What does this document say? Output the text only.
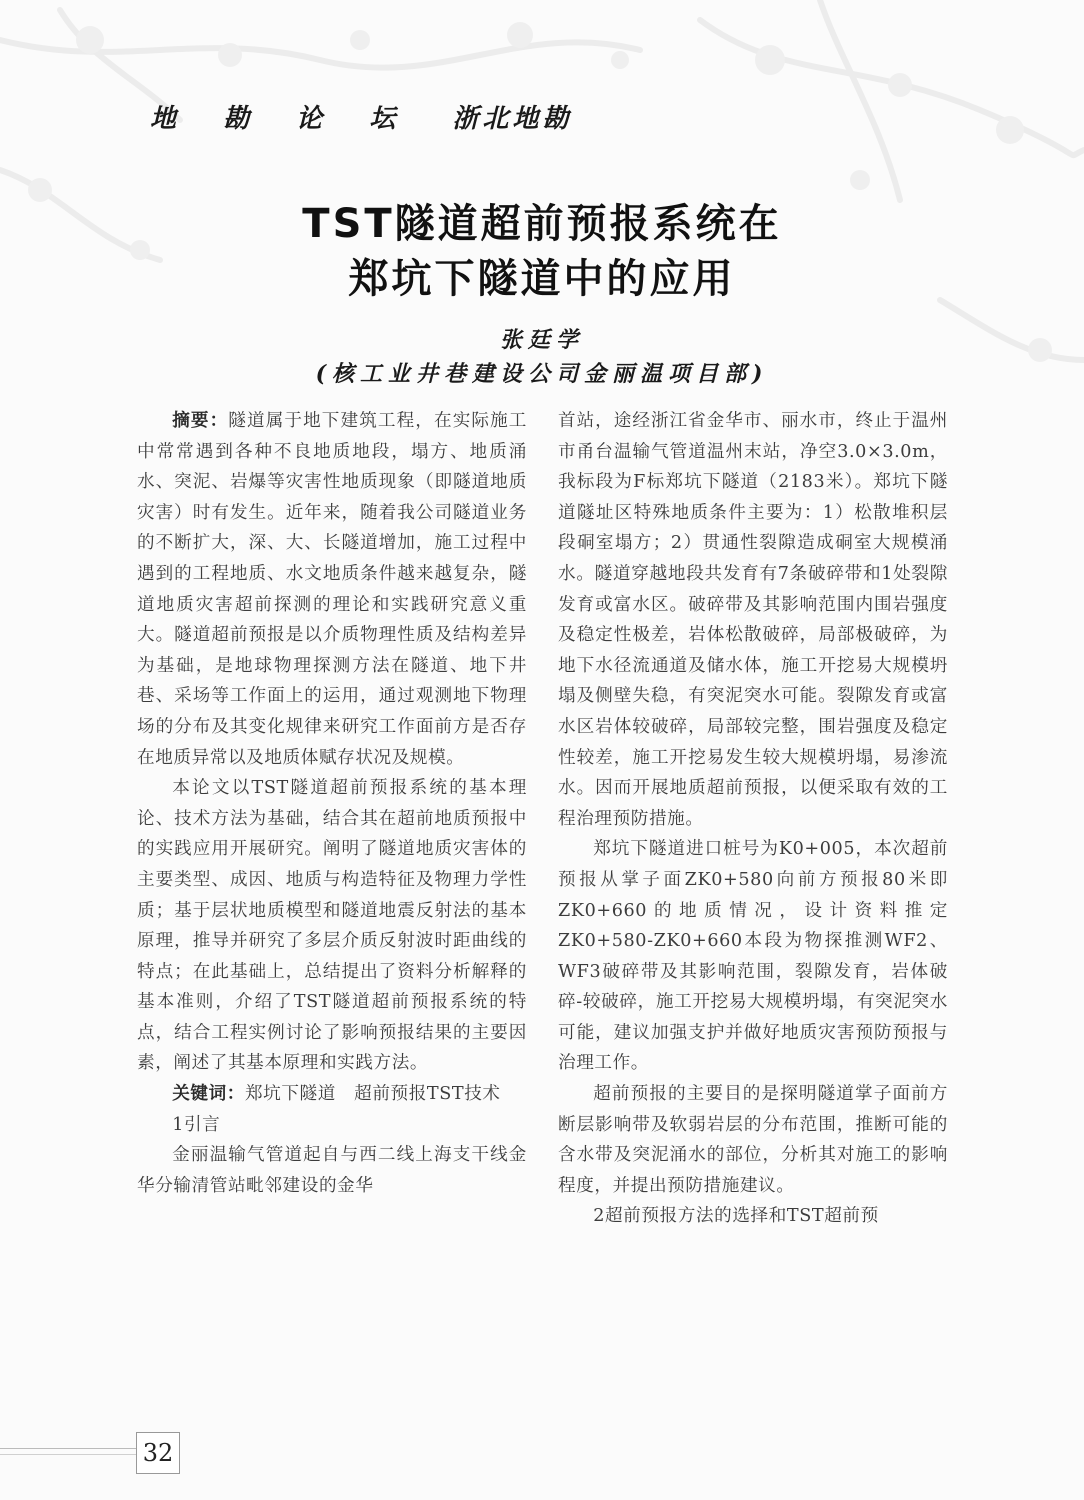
地 勘 论 坛 浙北地勘
TST隧道超前预报系统在
郑坑下隧道中的应用
张廷学
(核工业井巷建设公司金丽温项目部)

摘要：隧道属于地下建筑工程，在实际施工中常常遇到各种不良地质地段，塌方、地质涌水、突泥、岩爆等灾害性地质现象（即隧道地质灾害）时有发生。近年来，随着我公司隧道业务的不断扩大，深、大、长隧道增加，施工过程中遇到的工程地质、水文地质条件越来越复杂，隧道地质灾害超前探测的理论和实践研究意义重大。隧道超前预报是以介质物理性质及结构差异为基础，是地球物理探测方法在隧道、地下井巷、采场等工作面上的运用，通过观测地下物理场的分布及其变化规律来研究工作面前方是否存在地质异常以及地质体赋存状况及规模。

本论文以TST隧道超前预报系统的基本理论、技术方法为基础，结合其在超前地质预报中的实践应用开展研究。阐明了隧道地质灾害体的主要类型、成因、地质与构造特征及物理力学性质；基于层状地质模型和隧道地震反射法的基本原理，推导并研究了多层介质反射波时距曲线的特点；在此基础上，总结提出了资料分析解释的基本准则，介绍了TST隧道超前预报系统的特点，结合工程实例讨论了影响预报结果的主要因素，阐述了其基本原理和实践方法。

关键词：郑坑下隧道　超前预报TST技术

1引言

金丽温输气管道起自与西二线上海支干线金华分输清管站毗邻建设的金华

首站，途经浙江省金华市、丽水市，终止于温州市甬台温输气管道温州末站，净空3.0×3.0m，我标段为F标郑坑下隧道（2183米）。郑坑下隧道隧址区特殊地质条件主要为：1）松散堆积层段硐室塌方；2）贯通性裂隙造成硐室大规模涌水。隧道穿越地段共发育有7条破碎带和1处裂隙发育或富水区。破碎带及其影响范围内围岩强度及稳定性极差，岩体松散破碎，局部极破碎，为地下水径流通道及储水体，施工开挖易大规模坍塌及侧壁失稳，有突泥突水可能。裂隙发育或富水区岩体较破碎，局部较完整，围岩强度及稳定性较差，施工开挖易发生较大规模坍塌，易渗流水。因而开展地质超前预报，以便采取有效的工程治理预防措施。

郑坑下隧道进口桩号为K0+005，本次超前预报从掌子面ZK0+580向前方预报80米即ZK0+660的地质情况，设计资料推定ZK0+580-ZK0+660本段为物探推测WF2、WF3破碎带及其影响范围，裂隙发育，岩体破碎-较破碎，施工开挖易大规模坍塌，有突泥突水可能，建议加强支护并做好地质灾害预防预报与治理工作。

超前预报的主要目的是探明隧道掌子面前方断层影响带及软弱岩层的分布范围，推断可能的含水带及突泥涌水的部位，分析其对施工的影响程度，并提出预防措施建议。

2超前预报方法的选择和TST超前预

32
